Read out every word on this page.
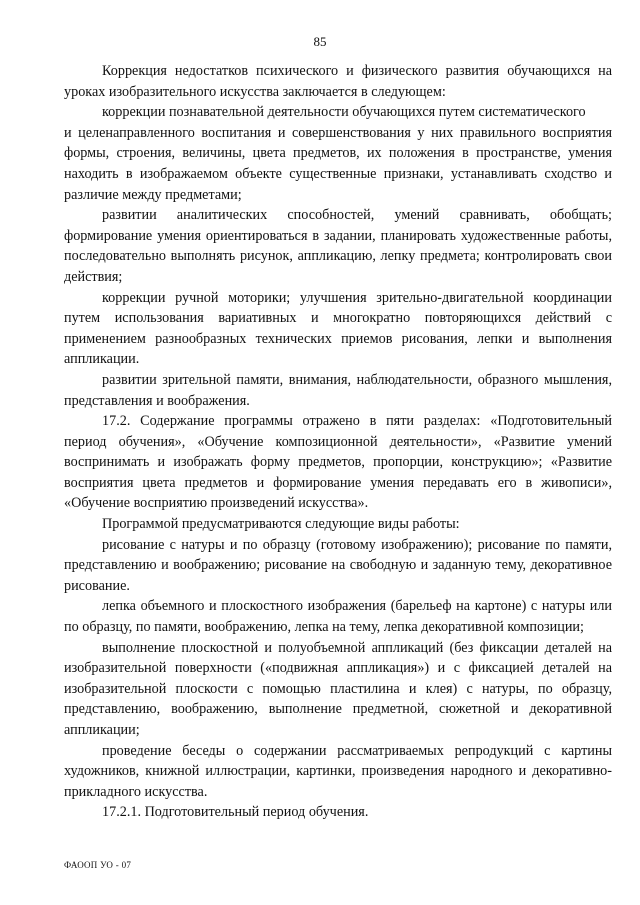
85

Коррекция недостатков психического и физического развития обучающихся на уроках изобразительного искусства заключается в следующем:

коррекции познавательной деятельности обучающихся путем систематического

и целенаправленного воспитания и совершенствования у них правильного восприятия формы, строения, величины, цвета предметов, их положения в пространстве, умения находить в изображаемом объекте существенные признаки, устанавливать сходство и различие между предметами;

развитии аналитических способностей, умений сравнивать, обобщать; формирование умения ориентироваться в задании, планировать художественные работы, последовательно выполнять рисунок, аппликацию, лепку предмета; контролировать свои действия;

коррекции ручной моторики; улучшения зрительно-двигательной координации путем использования вариативных и многократно повторяющихся действий с применением разнообразных технических приемов рисования, лепки и выполнения аппликации.

развитии зрительной памяти, внимания, наблюдательности, образного мышления, представления и воображения.

17.2. Содержание программы отражено в пяти разделах: «Подготовительный период обучения», «Обучение композиционной деятельности», «Развитие умений воспринимать и изображать форму предметов, пропорции, конструкцию»; «Развитие восприятия цвета предметов и формирование умения передавать его в живописи», «Обучение восприятию произведений искусства».

Программой предусматриваются следующие виды работы:

рисование с натуры и по образцу (готовому изображению); рисование по памяти, представлению и воображению; рисование на свободную и заданную тему, декоративное рисование.

лепка объемного и плоскостного изображения (барельеф на картоне) с натуры или по образцу, по памяти, воображению, лепка на тему, лепка декоративной композиции;

выполнение плоскостной и полуобъемной аппликаций (без фиксации деталей на изобразительной поверхности («подвижная аппликация») и с фиксацией деталей на изобразительной плоскости с помощью пластилина и клея) с натуры, по образцу, представлению, воображению, выполнение предметной, сюжетной и декоративной аппликации;

проведение беседы о содержании рассматриваемых репродукций с картины художников, книжной иллюстрации, картинки, произведения народного и декоративно-прикладного искусства.

17.2.1. Подготовительный период обучения.

ФАООП УО - 07
